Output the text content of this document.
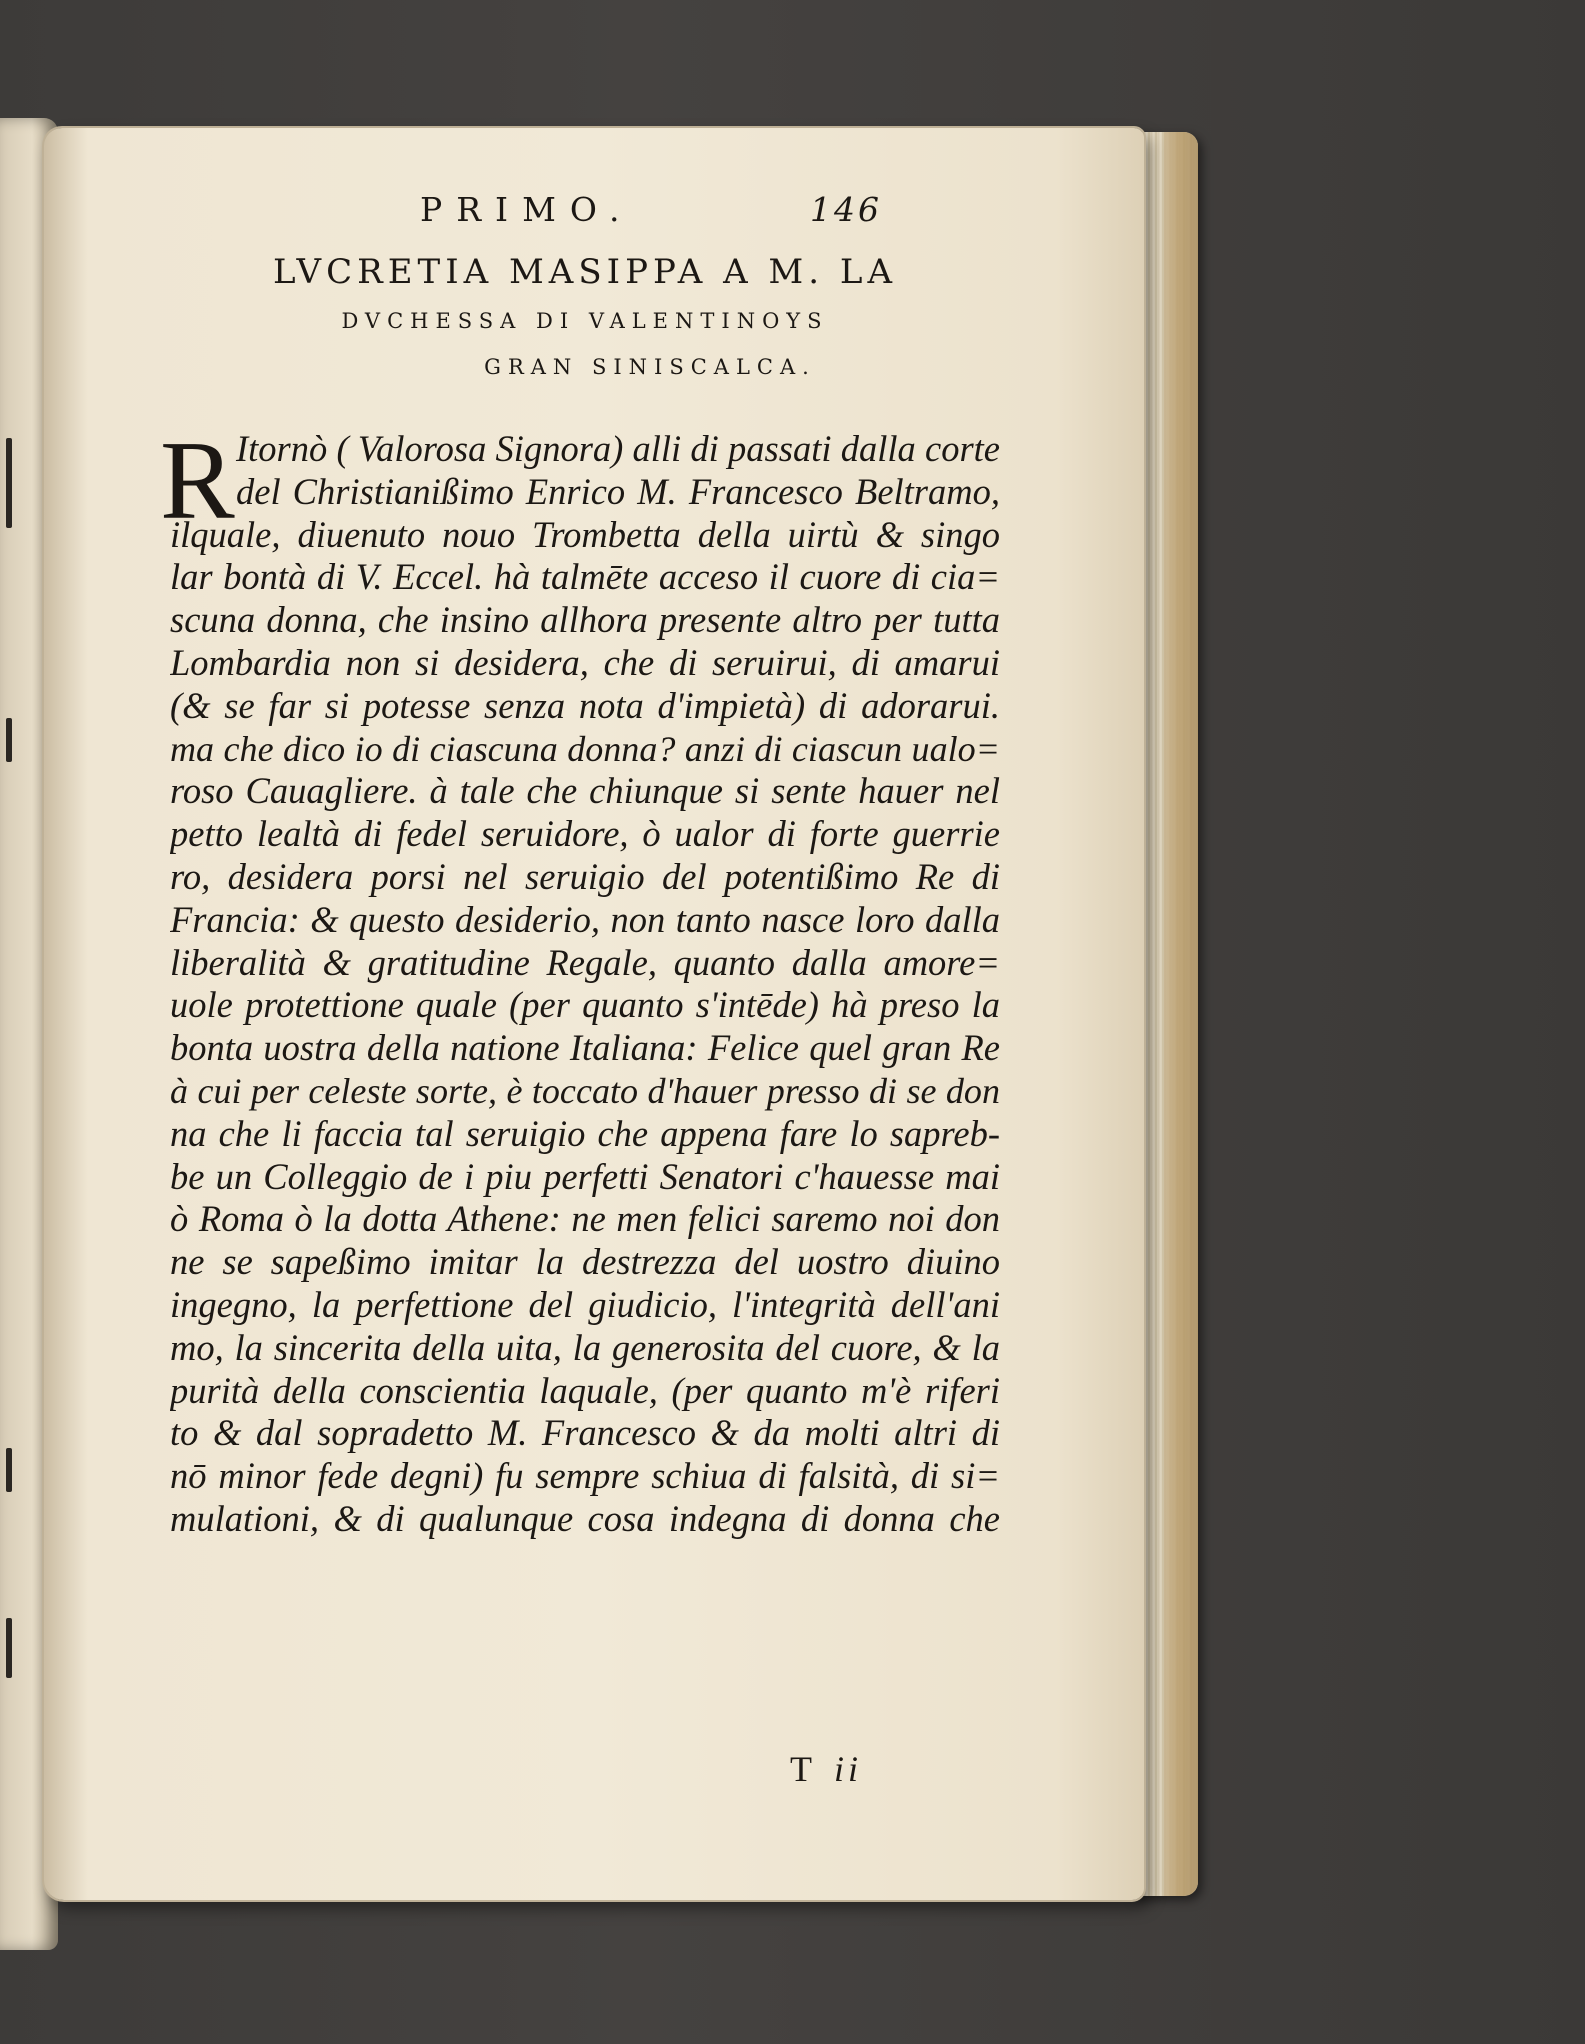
PRIMO.	146
LVCRETIA MASIPPA A M. LA
DVCHESSA DI VALENTINOYS
GRAN SINISCALCA.
R Itornò ( Valorosa Signora) alli di passati dalla corte
del Christianißimo Enrico M. Francesco Beltramo,
ilquale, diuenuto nouo Trombetta della uirtù & singo
lar bontà di V. Eccel. hà talmēte acceso il cuore di cia=
scuna donna, che insino allhora presente altro per tutta
Lombardia non si desidera, che di seruirui, di amarui
(& se far si potesse senza nota d'impietà) di adorarui.
ma che dico io di ciascuna donna? anzi di ciascun ualo=
roso Cauagliere. à tale che chiunque si sente hauer nel
petto lealtà di fedel seruidore, ò ualor di forte guerrie
ro, desidera porsi nel seruigio del potentißimo Re di
Francia: & questo desiderio, non tanto nasce loro dalla
liberalità & gratitudine Regale, quanto dalla amore=
uole protettione quale (per quanto s'intēde) hà preso la
bonta uostra della natione Italiana: Felice quel gran Re
à cui per celeste sorte, è toccato d'hauer presso di se don
na che li faccia tal seruigio che appena fare lo sapreb-
be un Colleggio de i piu perfetti Senatori c'hauesse mai
ò Roma ò la dotta Athene: ne men felici saremo noi don
ne se sapeßimo imitar la destrezza del uostro diuino
ingegno, la perfettione del giudicio, l'integrità dell'ani
mo, la sincerita della uita, la generosita del cuore, & la
purità della conscientia laquale, (per quanto m'è riferi
to & dal sopradetto M. Francesco & da molti altri di
nō minor fede degni) fu sempre schiua di falsità, di si=
mulationi, & di qualunque cosa indegna di donna che
Tii
